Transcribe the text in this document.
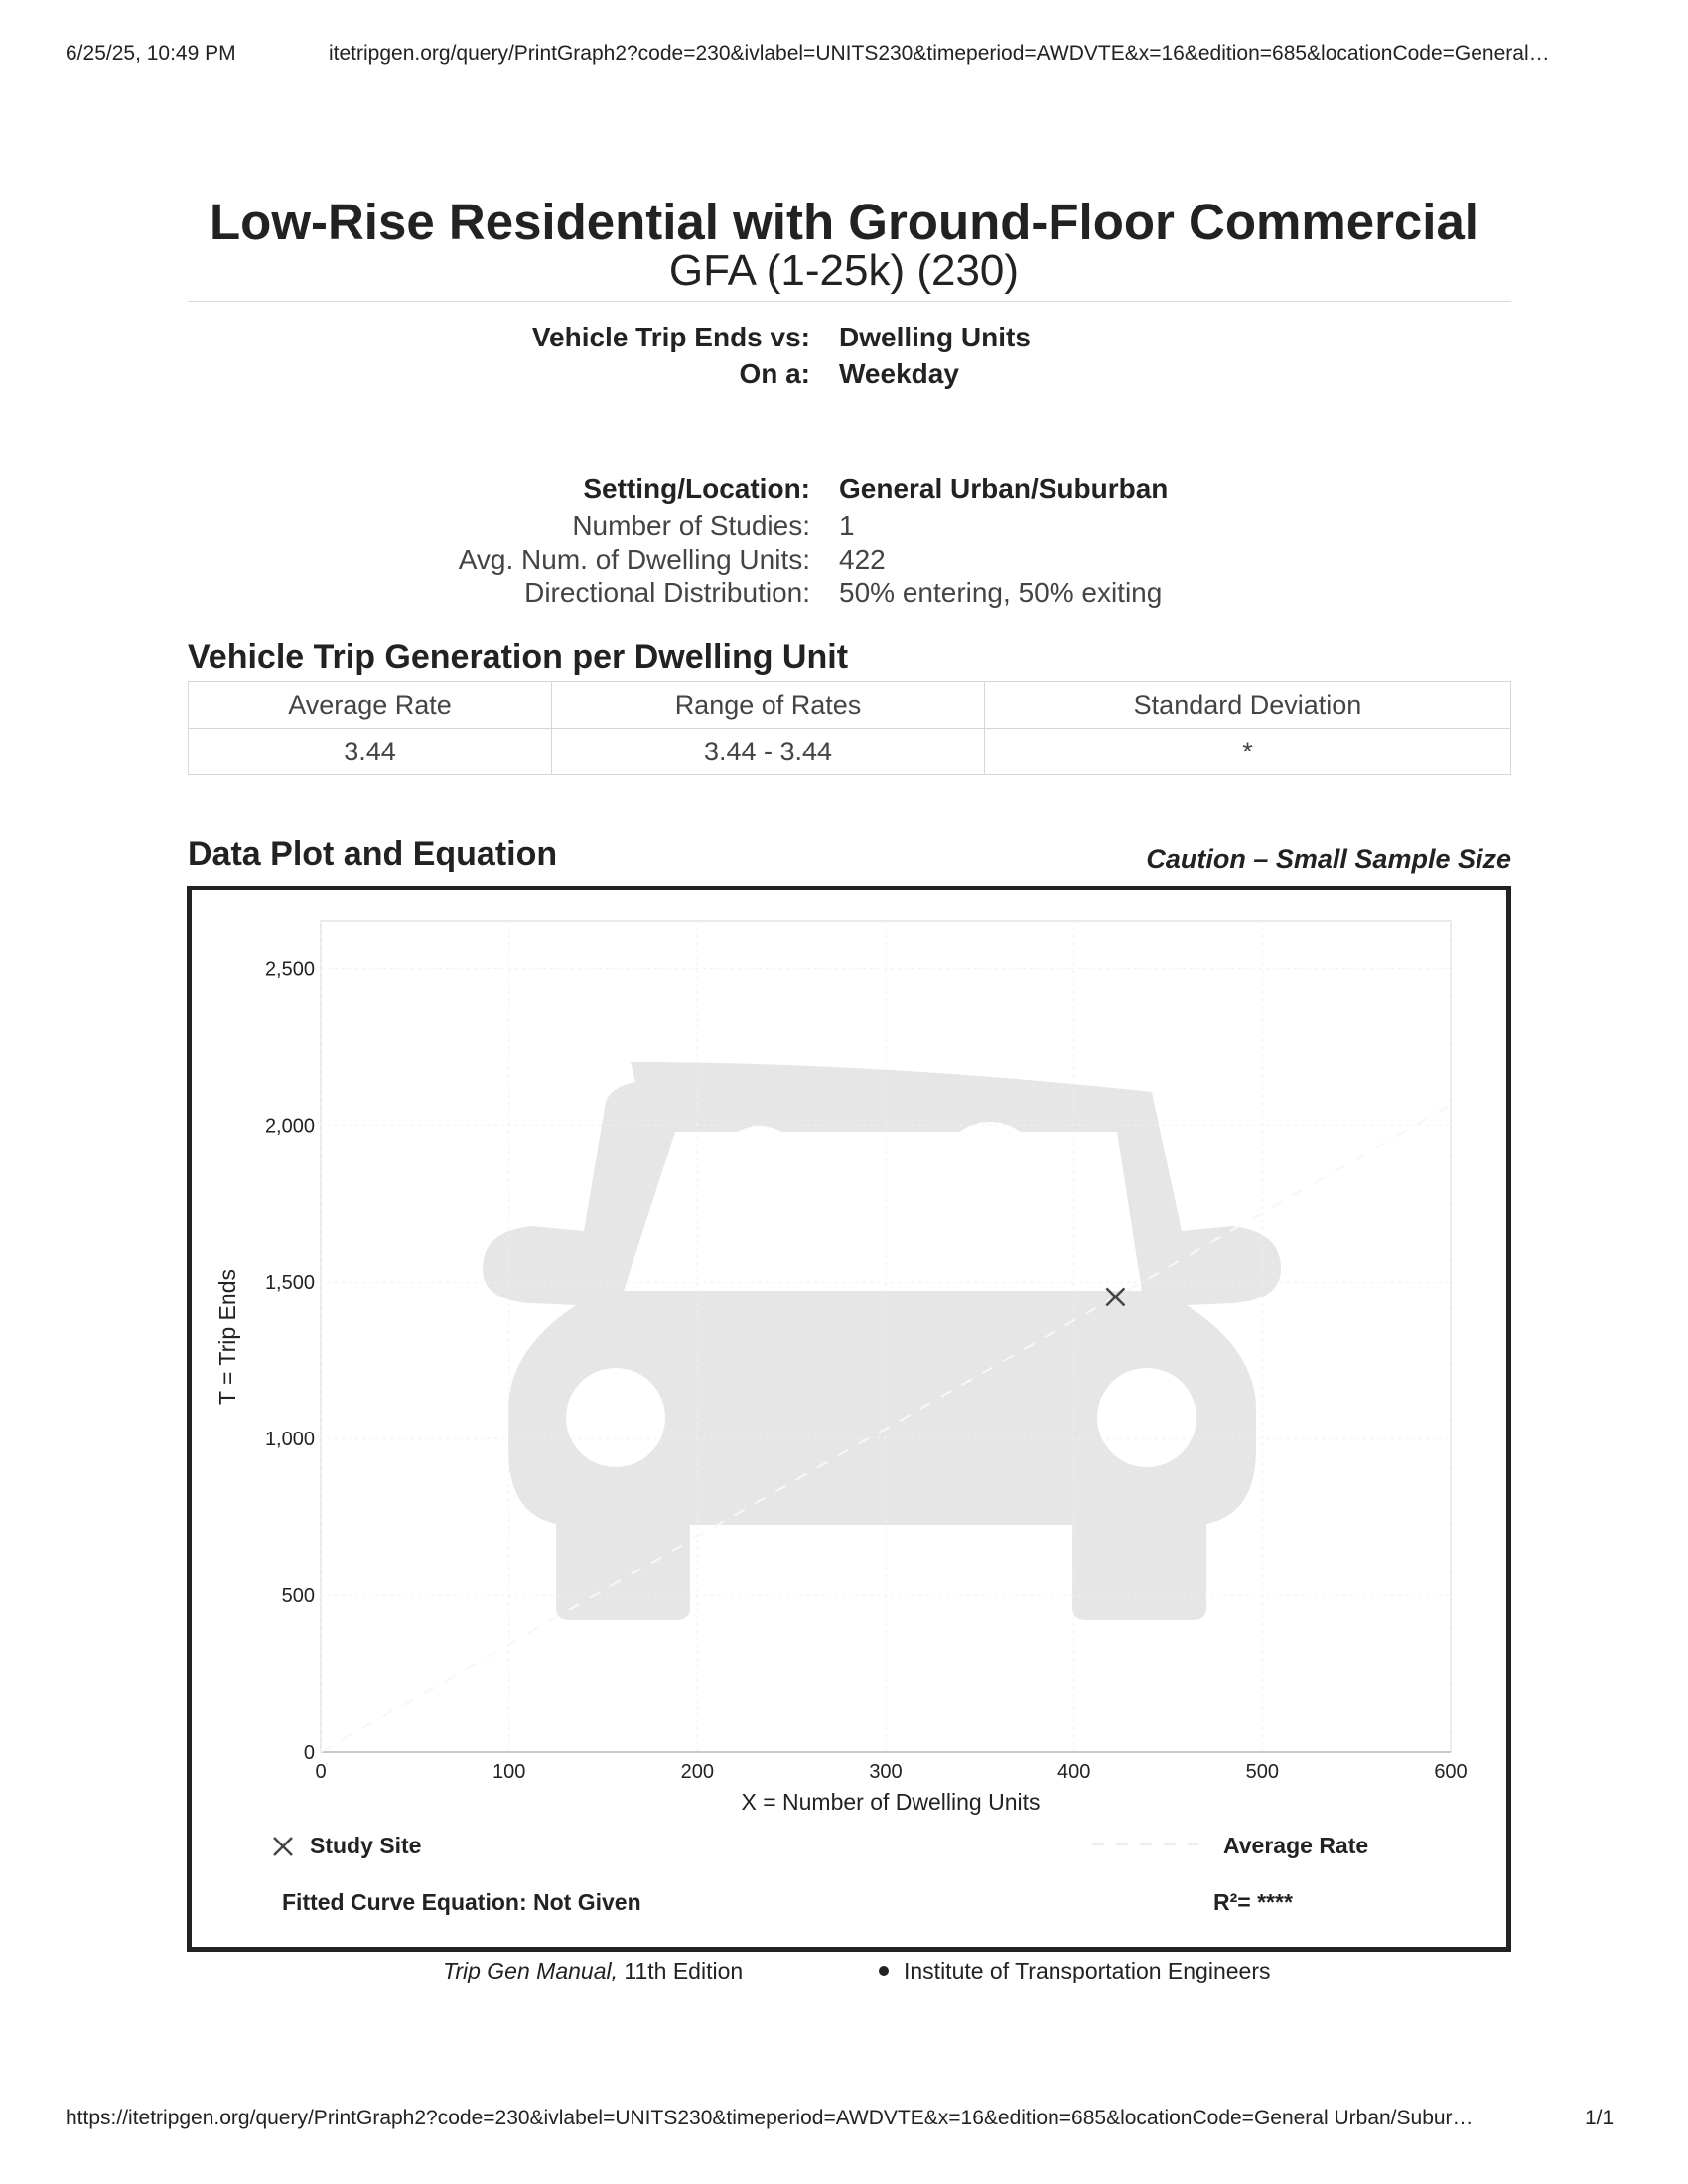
6/25/25, 10:49 PM	itetripgen.org/query/PrintGraph2?code=230&ivlabel=UNITS230&timeperiod=AWDVTE&x=16&edition=685&locationCode=General…
Low-Rise Residential with Ground-Floor Commercial
GFA (1-25k) (230)
Vehicle Trip Ends vs: Dwelling Units
On a: Weekday
Setting/Location: General Urban/Suburban
Number of Studies: 1
Avg. Num. of Dwelling Units: 422
Directional Distribution: 50% entering, 50% exiting
Vehicle Trip Generation per Dwelling Unit
Average Rate	Range of Rates	Standard Deviation
3.44	3.44 - 3.44	*
Data Plot and Equation	Caution – Small Sample Size
0	100	200	300	400	500	600
0
500
1,000
1,500
2,000
2,500
X = Number of Dwelling Units
T = Trip Ends
Study Site	Average Rate
Fitted Curve Equation: Not Given	R²= ****
Trip Gen Manual, 11th Edition	Institute of Transportation Engineers
https://itetripgen.org/query/PrintGraph2?code=230&ivlabel=UNITS230&timeperiod=AWDVTE&x=16&edition=685&locationCode=General Urban/Subur…	1/1
